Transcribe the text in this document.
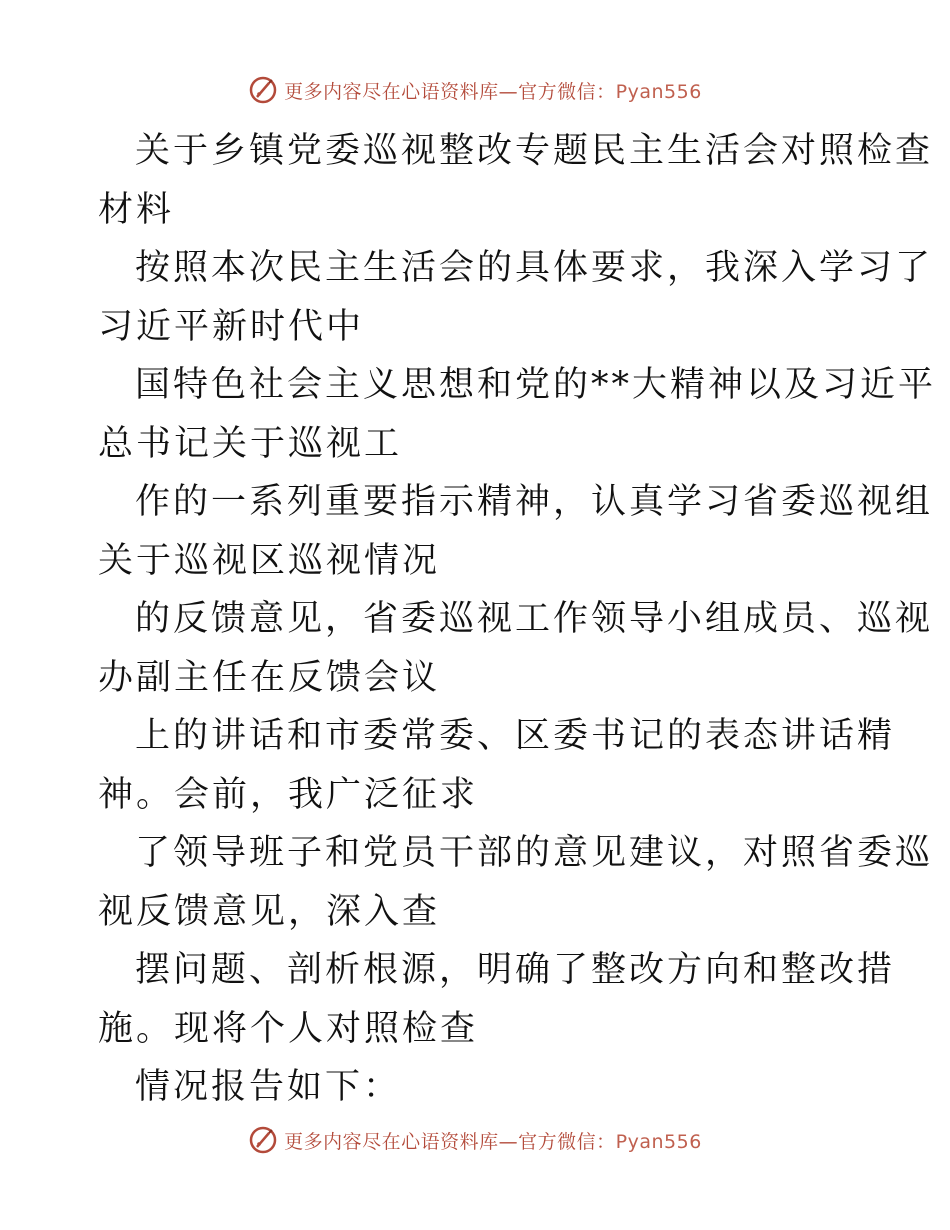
更多内容尽在心语资料库—官方微信：Pyan556
关于乡镇党委巡视整改专题民主生活会对照检查
材料
按照本次民主生活会的具体要求，我深入学习了
习近平新时代中
国特色社会主义思想和党的**大精神以及习近平
总书记关于巡视工
作的一系列重要指示精神，认真学习省委巡视组
关于巡视区巡视情况
的反馈意见，省委巡视工作领导小组成员、巡视
办副主任在反馈会议
上的讲话和市委常委、区委书记的表态讲话精
神。会前，我广泛征求
了领导班子和党员干部的意见建议，对照省委巡
视反馈意见，深入查
摆问题、剖析根源，明确了整改方向和整改措
施。现将个人对照检查
情况报告如下：
更多内容尽在心语资料库—官方微信：Pyan556
